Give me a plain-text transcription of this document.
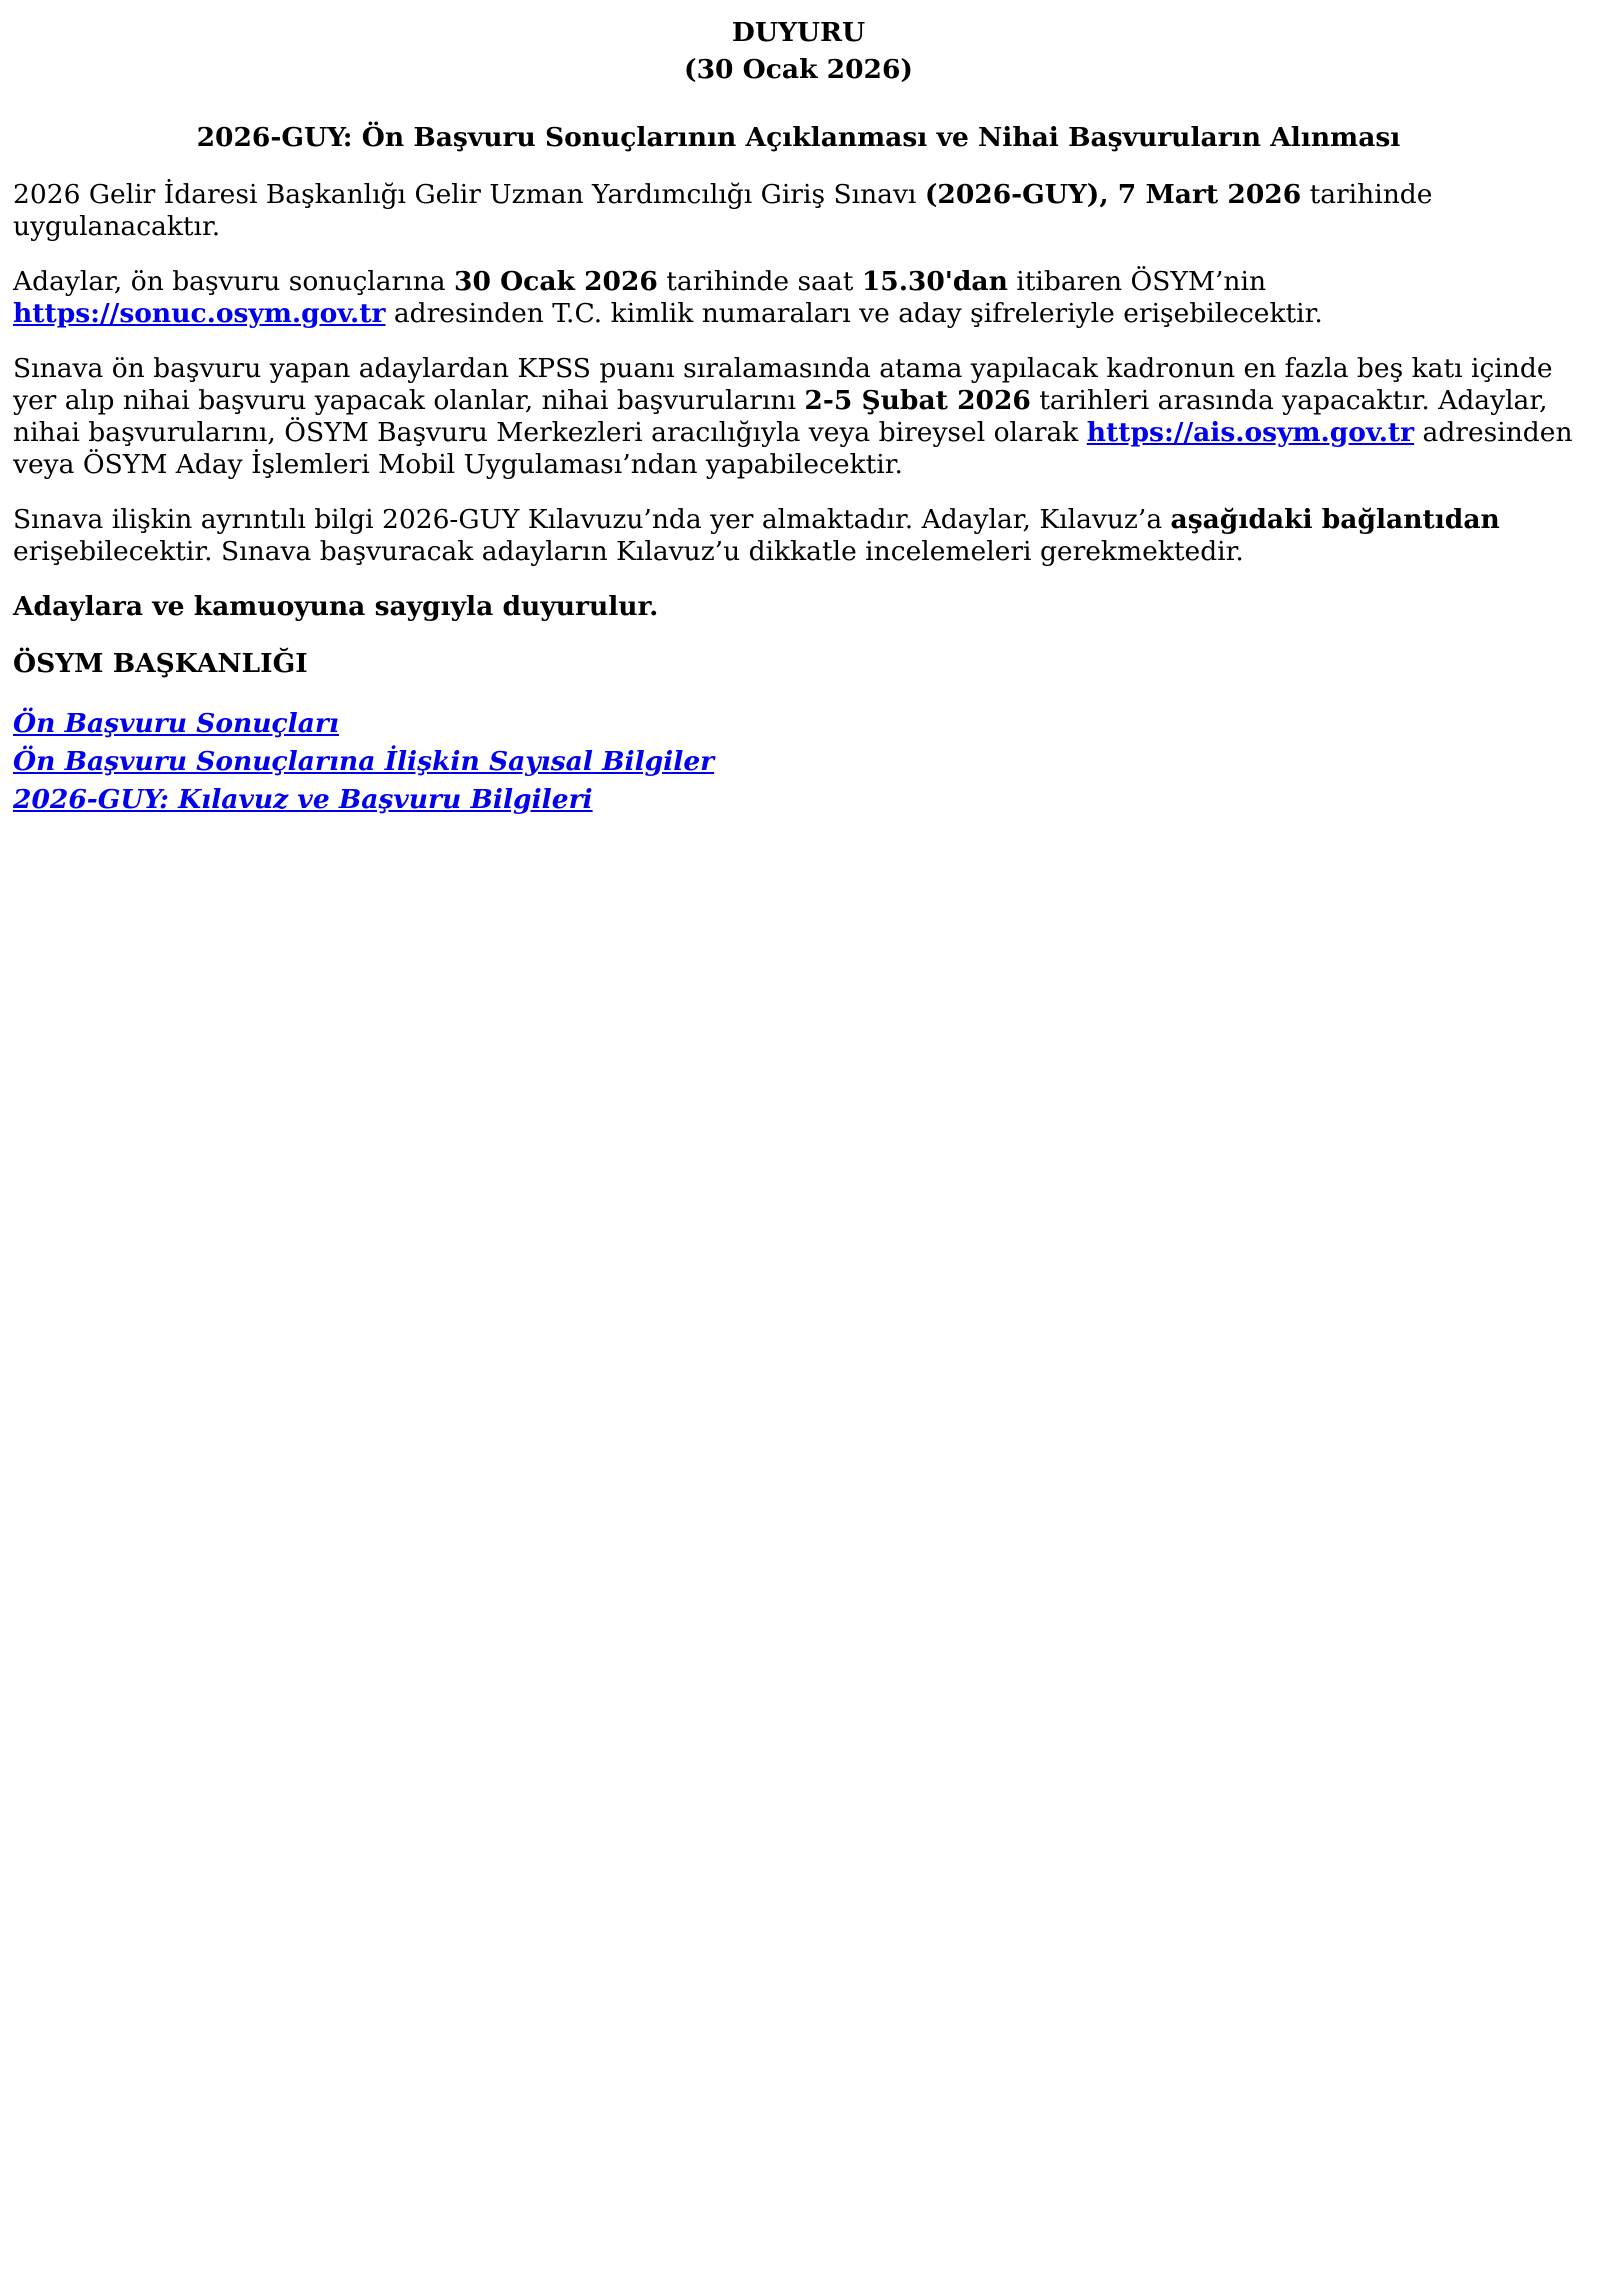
DUYURU
(30 Ocak 2026)
2026-GUY: Ön Başvuru Sonuçlarının Açıklanması ve Nihai Başvuruların Alınması

2026 Gelir İdaresi Başkanlığı Gelir Uzman Yardımcılığı Giriş Sınavı (2026-GUY), 7 Mart 2026 tarihinde uygulanacaktır.

Adaylar, ön başvuru sonuçlarına 30 Ocak 2026 tarihinde saat 15.30'dan itibaren ÖSYM’nin https://sonuc.osym.gov.tr adresinden T.C. kimlik numaraları ve aday şifreleriyle erişebilecektir.

Sınava ön başvuru yapan adaylardan KPSS puanı sıralamasında atama yapılacak kadronun en fazla beş katı içinde yer alıp nihai başvuru yapacak olanlar, nihai başvurularını 2-5 Şubat 2026 tarihleri arasında yapacaktır. Adaylar, nihai başvurularını, ÖSYM Başvuru Merkezleri aracılığıyla veya bireysel olarak https://ais.osym.gov.tr adresinden veya ÖSYM Aday İşlemleri Mobil Uygulaması’ndan yapabilecektir.

Sınava ilişkin ayrıntılı bilgi 2026-GUY Kılavuzu’nda yer almaktadır. Adaylar, Kılavuz’a aşağıdaki bağlantıdan erişebilecektir. Sınava başvuracak adayların Kılavuz’u dikkatle incelemeleri gerekmektedir.

Adaylara ve kamuoyuna saygıyla duyurulur.
ÖSYM BAŞKANLIĞI
Ön Başvuru Sonuçları
Ön Başvuru Sonuçlarına İlişkin Sayısal Bilgiler
2026-GUY: Kılavuz ve Başvuru Bilgileri
